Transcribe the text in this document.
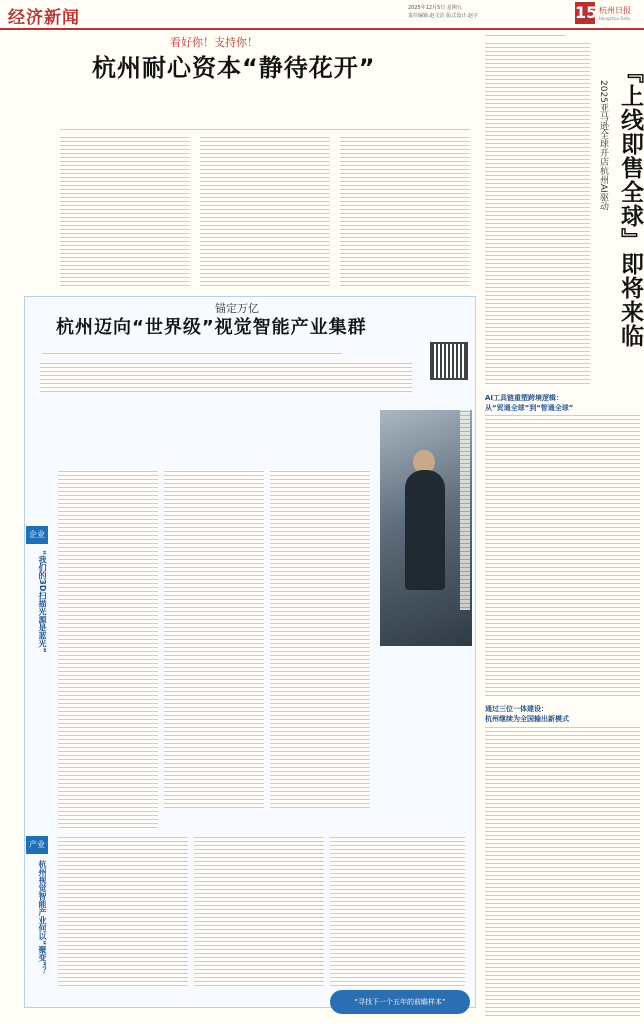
经济新闻	2025年12月5日 星期五
责任编辑:赵文洁 版式设计:赵宇	15 杭州日报
Hangzhou Daily
看好你！支持你！
杭州耐心资本“静待花开”
锚定万亿
杭州迈向“世界级”视觉智能产业集群
企业
“我们的3D扫描光源是蓝光”
产业
杭州视觉智能产业何以“聚变”？
“寻找下一个五年的前瞻样本”
『上线即售全球』即将来临
2025亚马逊全球开店杭州AI驱动
AI工具链重塑跨境逻辑：
从“贸通全球”到“智通全球”
通过三位一体建设：
杭州继续为全国输出新模式
